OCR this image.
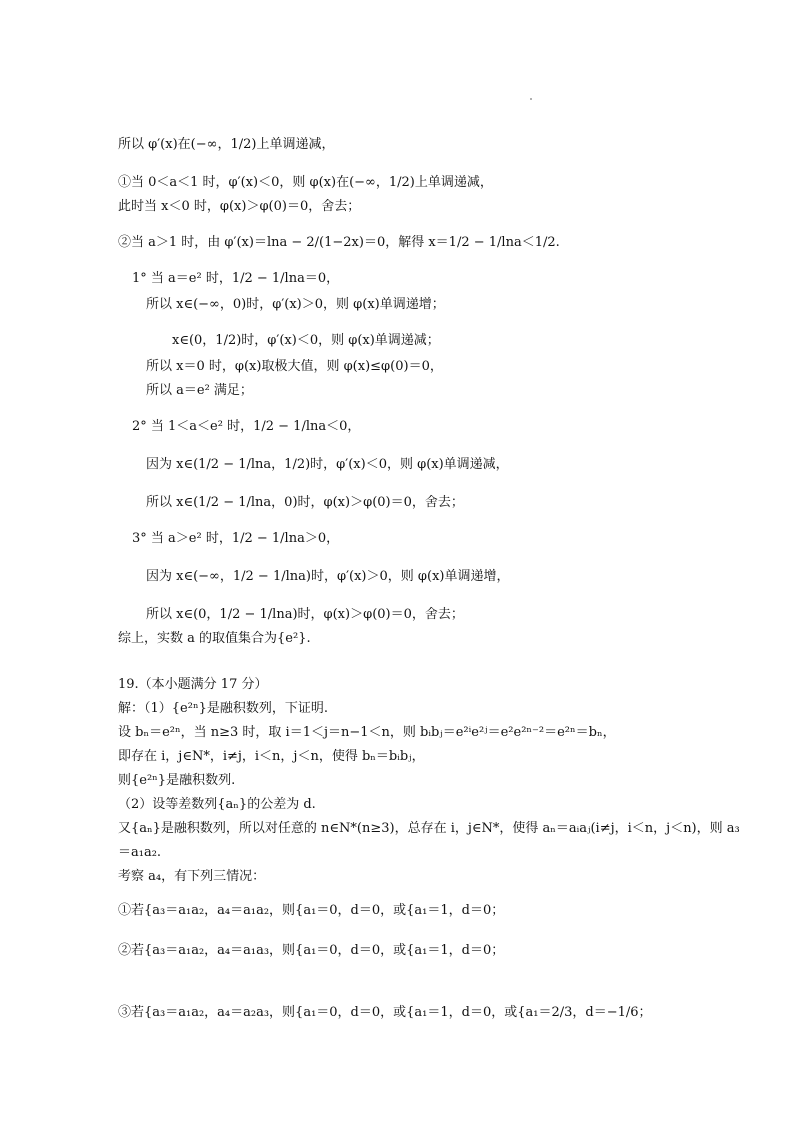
所以 φ′(x)在(−∞，1/2)上单调递减，
①当 0＜a＜1 时，φ′(x)＜0，则 φ(x)在(−∞，1/2)上单调递减，
此时当 x＜0 时，φ(x)＞φ(0)＝0，舍去；
②当 a＞1 时，由 φ′(x)＝lna − 2/(1−2x)＝0，解得 x＝1/2 − 1/lna＜1/2.
1° 当 a＝e² 时，1/2 − 1/lna＝0，
所以 x∈(−∞，0)时，φ′(x)＞0，则 φ(x)单调递增；
x∈(0，1/2)时，φ′(x)＜0，则 φ(x)单调递减；
所以 x＝0 时，φ(x)取极大值，则 φ(x)≤φ(0)＝0，
所以 a＝e² 满足；
2° 当 1＜a＜e² 时，1/2 − 1/lna＜0，
因为 x∈(1/2 − 1/lna，1/2)时，φ′(x)＜0，则 φ(x)单调递减，
所以 x∈(1/2 − 1/lna，0)时，φ(x)＞φ(0)＝0，舍去；
3° 当 a＞e² 时，1/2 − 1/lna＞0，
因为 x∈(−∞，1/2 − 1/lna)时，φ′(x)＞0，则 φ(x)单调递增，
所以 x∈(0，1/2 − 1/lna)时，φ(x)＞φ(0)＝0，舍去；
综上，实数 a 的取值集合为{e²}.
19.（本小题满分 17 分）
解：（1）{e²ⁿ}是融积数列，下证明.
设 bₙ＝e²ⁿ，当 n≥3 时，取 i＝1＜j＝n−1＜n，则 bᵢbⱼ＝e²ⁱe²ʲ＝e²e²ⁿ⁻²＝e²ⁿ＝bₙ，
即存在 i，j∈N*，i≠j，i＜n，j＜n，使得 bₙ＝bᵢbⱼ，
则{e²ⁿ}是融积数列.
（2）设等差数列{aₙ}的公差为 d.
又{aₙ}是融积数列，所以对任意的 n∈N*(n≥3)，总存在 i，j∈N*，使得 aₙ＝aᵢaⱼ(i≠j，i＜n，j＜n)，则 a₃
＝a₁a₂.
考察 a₄，有下列三情况：
①若{a₃＝a₁a₂，a₄＝a₁a₂，则{a₁＝0，d＝0，或{a₁＝1，d＝0；
②若{a₃＝a₁a₂，a₄＝a₁a₃，则{a₁＝0，d＝0，或{a₁＝1，d＝0；
③若{a₃＝a₁a₂，a₄＝a₂a₃，则{a₁＝0，d＝0，或{a₁＝1，d＝0，或{a₁＝2/3，d＝−1/6；
